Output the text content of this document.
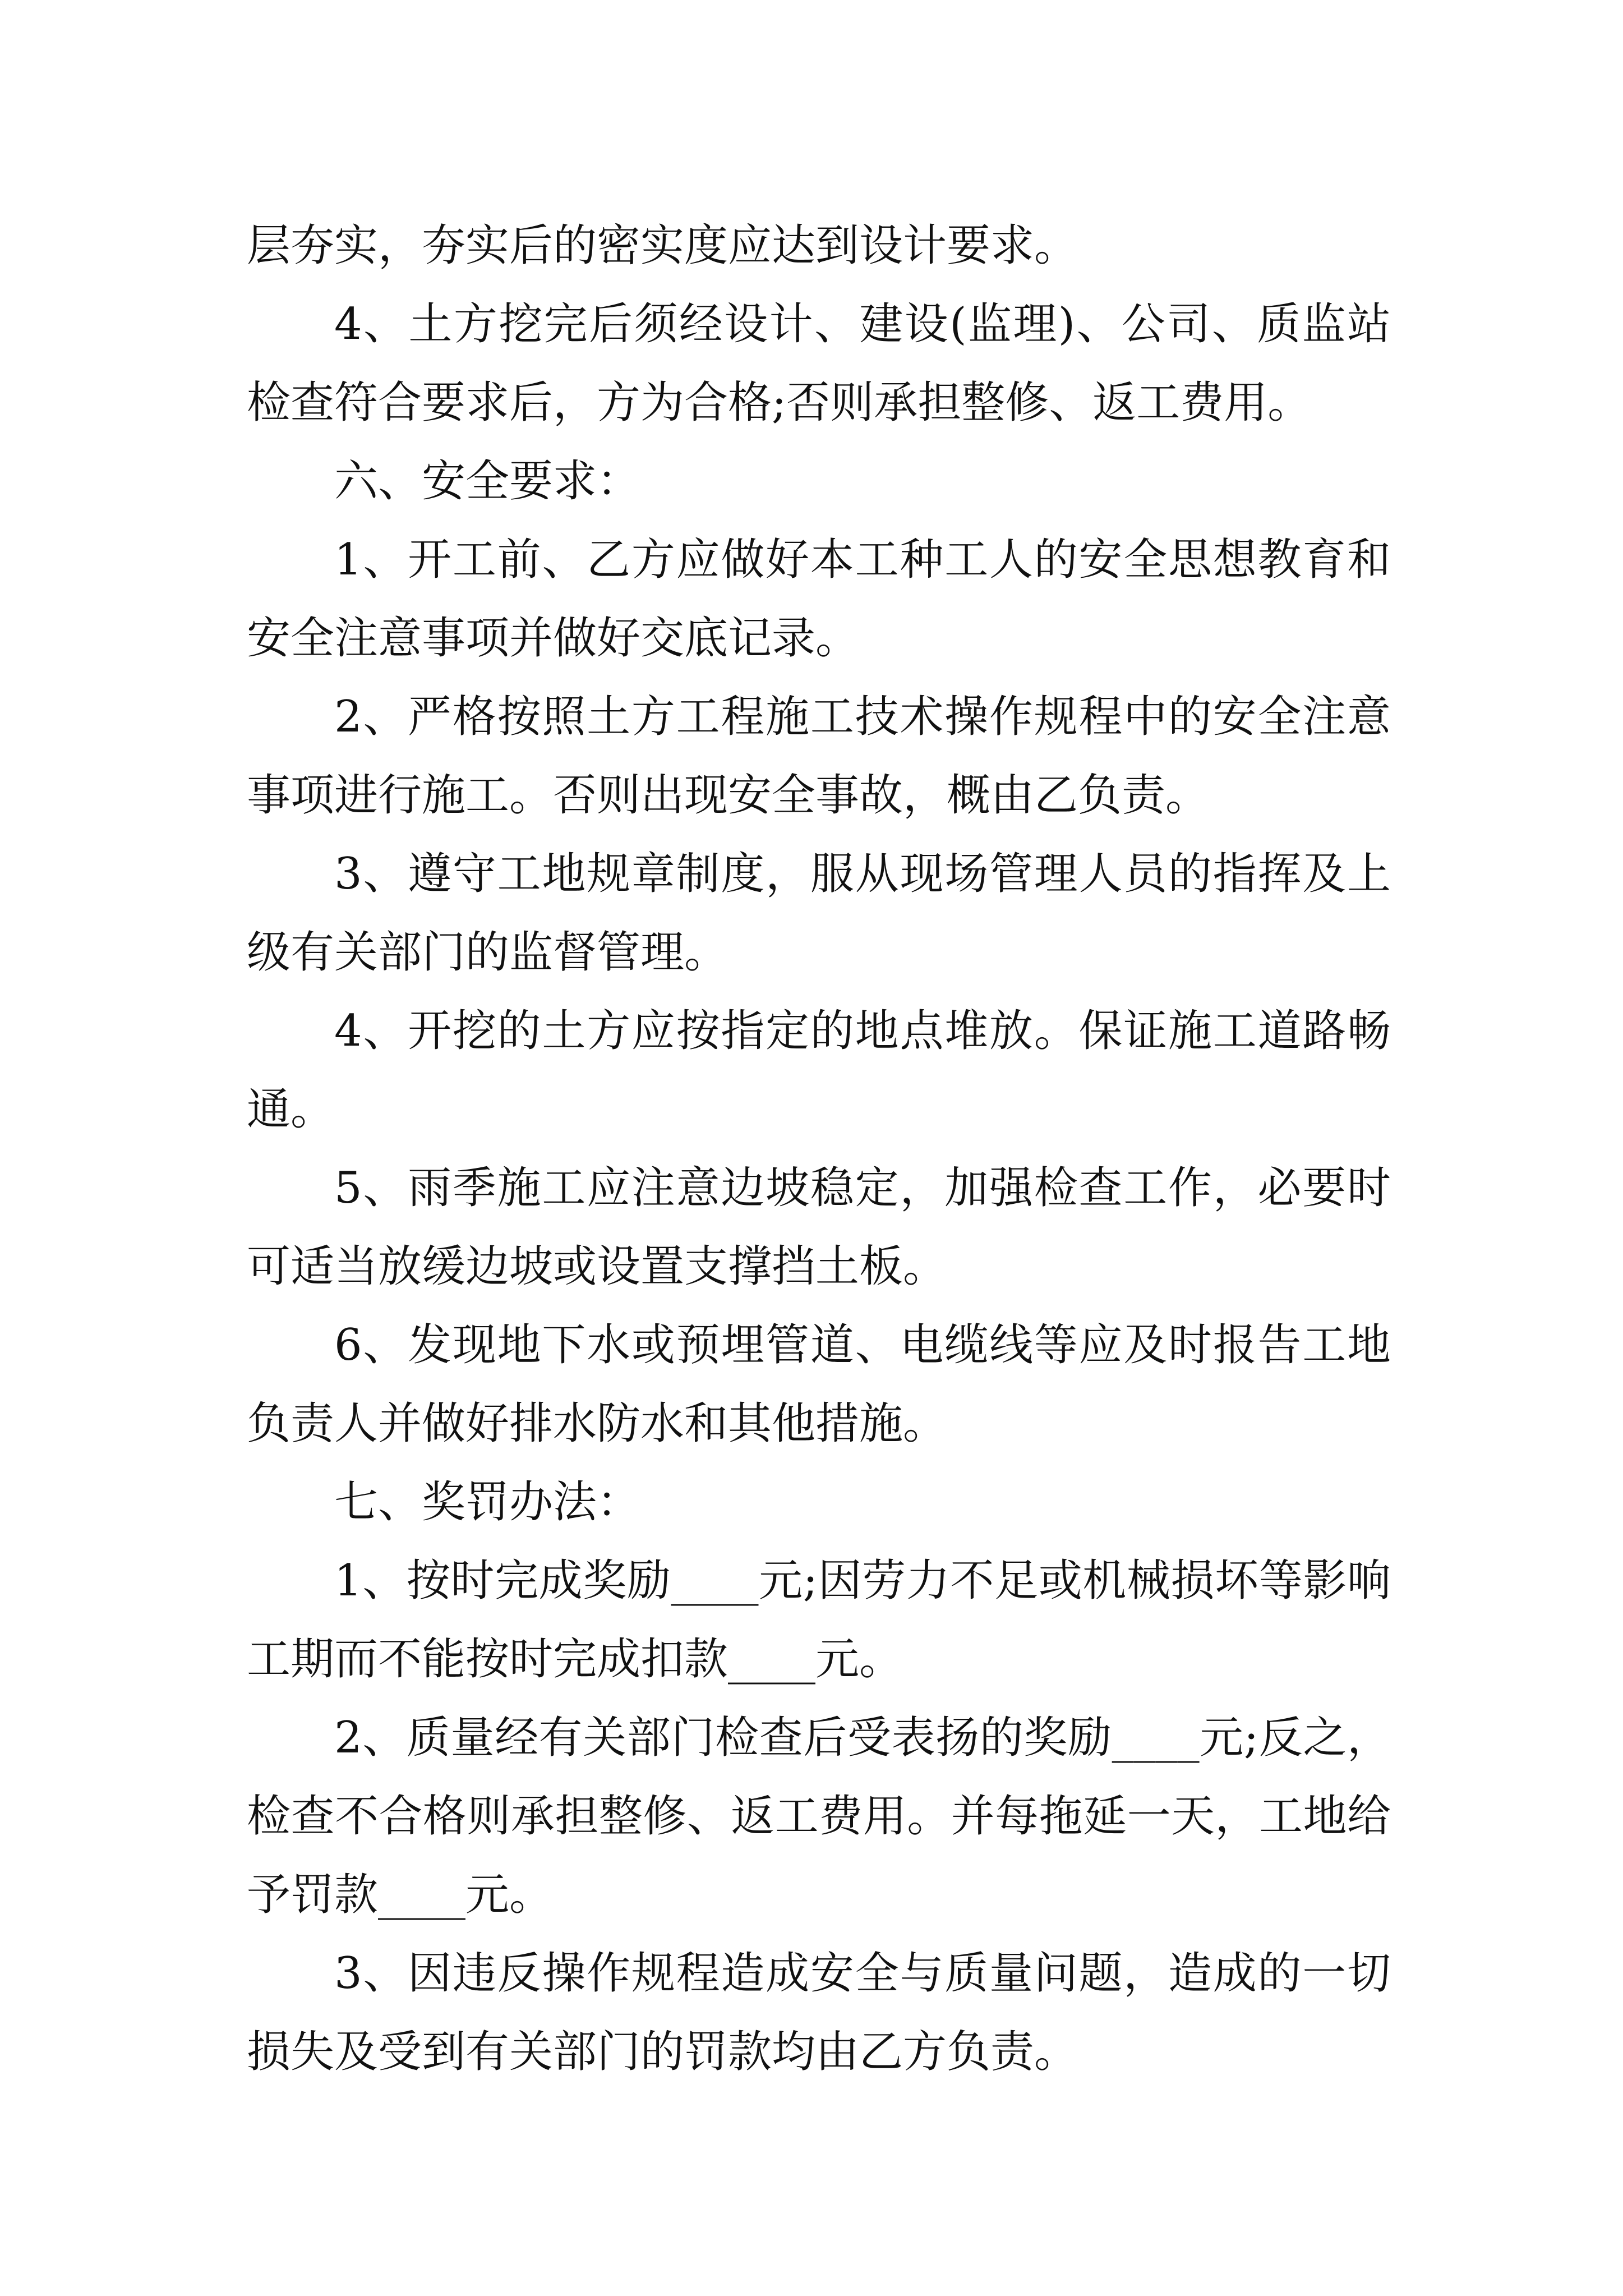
层夯实，夯实后的密实度应达到设计要求。

4、土方挖完后须经设计、建设(监理)、公司、质监站检查符合要求后，方为合格;否则承担整修、返工费用。

六、安全要求：

1、开工前、乙方应做好本工种工人的安全思想教育和安全注意事项并做好交底记录。

2、严格按照土方工程施工技术操作规程中的安全注意事项进行施工。否则出现安全事故，概由乙负责。

3、遵守工地规章制度，服从现场管理人员的指挥及上级有关部门的监督管理。

4、开挖的土方应按指定的地点堆放。保证施工道路畅通。

5、雨季施工应注意边坡稳定，加强检查工作，必要时可适当放缓边坡或设置支撑挡土板。

6、发现地下水或预埋管道、电缆线等应及时报告工地负责人并做好排水防水和其他措施。

七、奖罚办法：

1、按时完成奖励____元;因劳力不足或机械损坏等影响工期而不能按时完成扣款____元。

2、质量经有关部门检查后受表扬的奖励____元;反之，检查不合格则承担整修、返工费用。并每拖延一天，工地给予罚款____元。

3、因违反操作规程造成安全与质量问题，造成的一切损失及受到有关部门的罚款均由乙方负责。
